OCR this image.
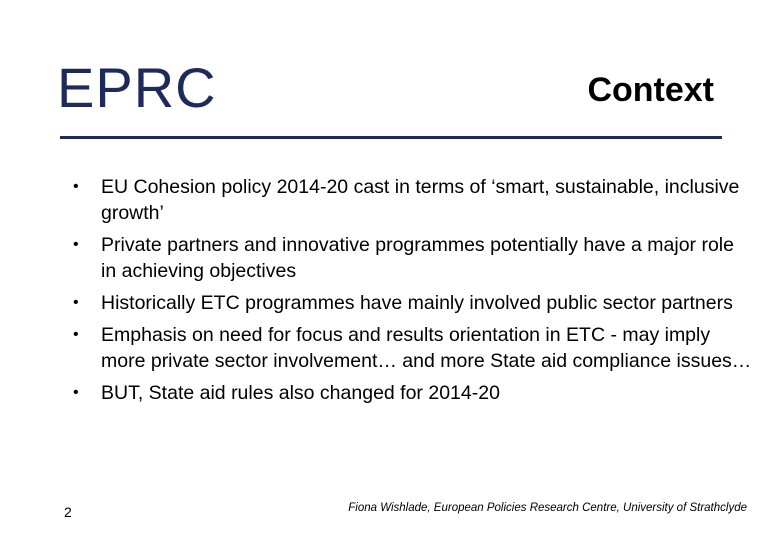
EPRC	Context
•	EU Cohesion policy 2014-20 cast in terms of ‘smart, sustainable, inclusive growth’
•	Private partners and innovative programmes potentially have a major role in achieving objectives
•	Historically ETC programmes have mainly involved public sector partners
•	Emphasis on need for focus and results orientation in ETC - may imply more private sector involvement… and more State aid compliance issues…
•	BUT, State aid rules also changed for 2014-20
2	Fiona Wishlade, European Policies Research Centre, University of Strathclyde
